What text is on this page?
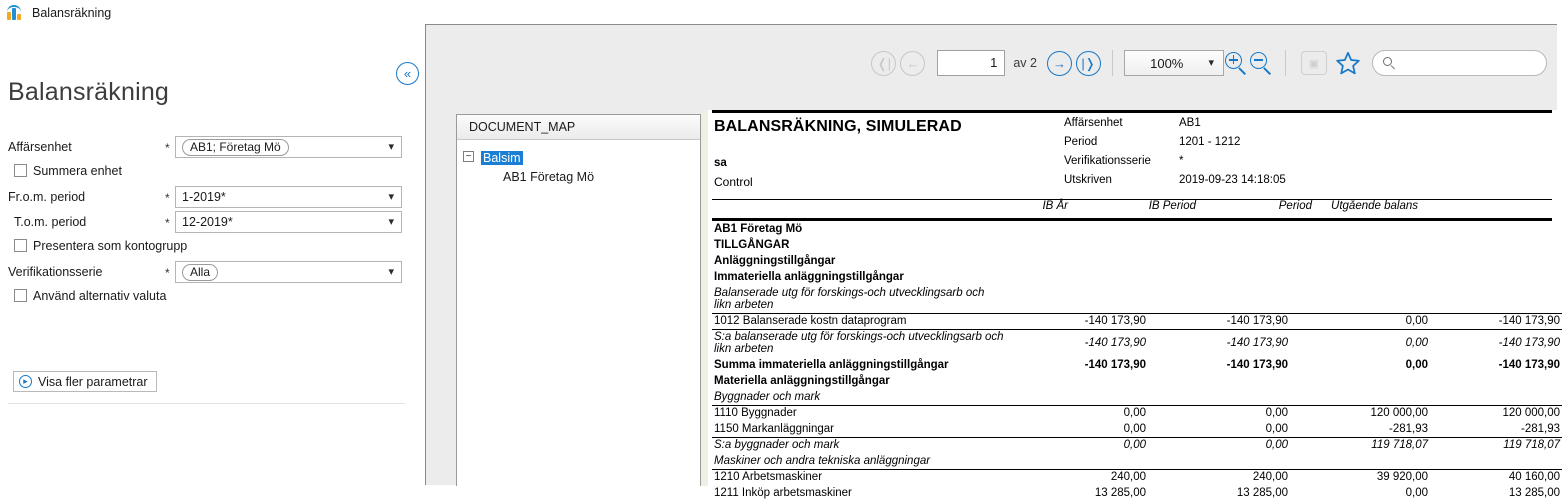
Balansräkning
«
Balansräkning
Affärsenhet	*	AB1; Företag Mö	▾
Summera enhet
Fr.o.m. period	* 1-2019*	▾
T.o.m. period	* 12-2019*	▾
Presentera som kontogrupp
Verifikationsserie	*	Alla	▾
Använd alternativ valuta
▸ Visa fler parametrar
❬|	←	1	av 2	→	|❭	100%	▾	▣
DOCUMENT_MAP
− Balsim
AB1 Företag Mö
BALANSRÄKNING, SIMULERAD
sa
Control
Affärsenhet	AB1
Period	1201 - 1212
Verifikationsserie	*
Utskriven	2019-09-23 14:18:05
IB År	IB Period	Period	Utgående balans
AB1 Företag Mö				
TILLGÅNGAR				
Anläggningstillgångar				
Immateriella anläggningstillgångar				
Balanserade utg för forskings-och utvecklingsarb och likn arbeten				
1012 Balanserade kostn dataprogram	-140 173,90	-140 173,90	0,00	-140 173,90
S:a balanserade utg för forskings-och utvecklingsarb och likn arbeten	-140 173,90	-140 173,90	0,00	-140 173,90
Summa immateriella anläggningstillgångar	-140 173,90	-140 173,90	0,00	-140 173,90
Materiella anläggningstillgångar				
Byggnader och mark				
1110 Byggnader	0,00	0,00	120 000,00	120 000,00
1150 Markanläggningar	0,00	0,00	-281,93	-281,93
S:a byggnader och mark	0,00	0,00	119 718,07	119 718,07
Maskiner och andra tekniska anläggningar				
1210 Arbetsmaskiner	240,00	240,00	39 920,00	40 160,00
1211 Inköp arbetsmaskiner	13 285,00	13 285,00	0,00	13 285,00
